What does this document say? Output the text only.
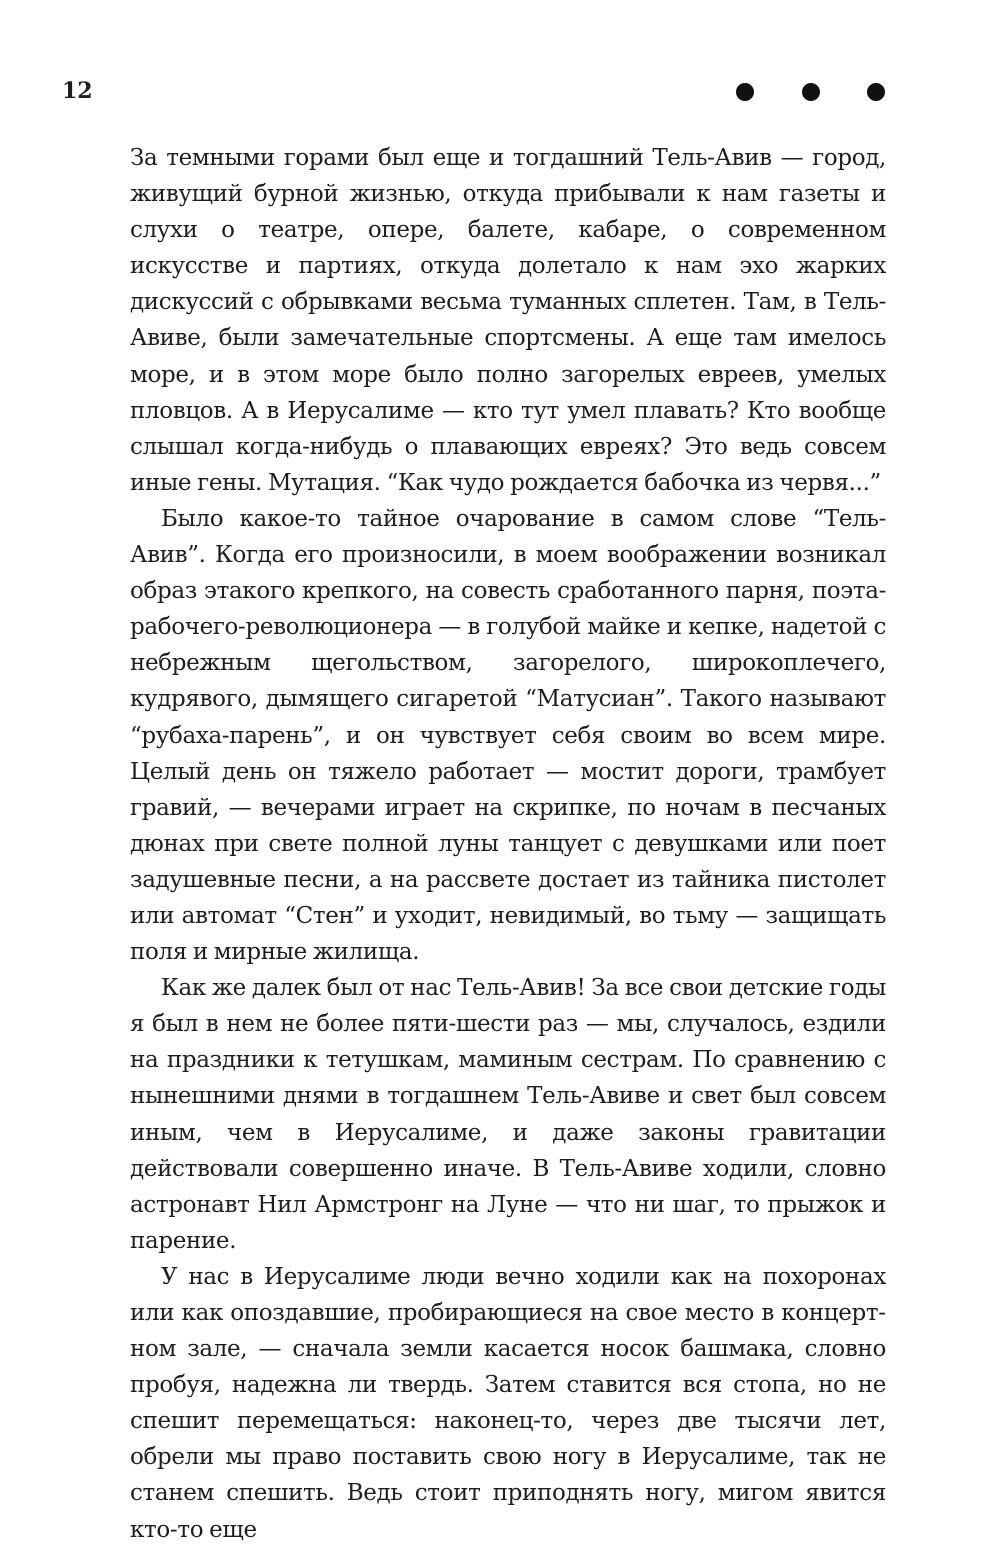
12

За темными горами был еще и тогдашний Тель-Авив — город, живущий бурной жизнью, откуда прибывали к нам газеты и слухи о театре, опере, балете, кабаре, о современном искусстве и партиях, откуда долетало к нам эхо жарких дискуссий с обрывками весьма туманных сплетен. Там, в Тель-Авиве, были замечательные спортсмены. А еще там имелось море, и в этом море было полно загорелых евреев, умелых пловцов. А в Иерусалиме — кто тут умел плавать? Кто вообще слышал когда-нибудь о плавающих евреях? Это ведь совсем иные гены. Мутация. “Как чудо рождается бабочка из червя...”

Было какое-то тайное очарование в самом слове “Тель-Авив”. Когда его произносили, в моем воображении возникал образ этакого крепкого, на совесть сработанного парня, поэта-рабочего-революционера — в голубой майке и кепке, надетой с небрежным щегольством, загорелого, широкоплечего, кудрявого, дымящего сигаретой “Матусиан”. Такого называют “рубаха-парень”, и он чувствует себя своим во всем мире. Целый день он тяжело работает — мостит дороги, трамбует гравий, — вечерами играет на скрипке, по ночам в песчаных дюнах при свете полной луны танцует с девушками или поет задушевные песни, а на рассвете достает из тайника пистолет или автомат “Стен” и уходит, невидимый, во тьму — защищать поля и мирные жилища.

Как же далек был от нас Тель-Авив! За все свои детские годы я был в нем не более пяти-шести раз — мы, случалось, ездили на праздники к тетушкам, маминым сестрам. По сравнению с нынешними днями в тогдашнем Тель-Авиве и свет был совсем иным, чем в Иерусалиме, и даже законы гравитации действовали совершенно иначе. В Тель-Авиве ходили, словно астронавт Нил Армстронг на Луне — что ни шаг, то прыжок и парение.

У нас в Иерусалиме люди вечно ходили как на похоронах или как опоздавшие, пробирающиеся на свое место в концертном зале, — сначала земли касается носок башмака, словно пробуя, надежна ли твердь. Затем ставится вся стопа, но не спешит перемещаться: наконец-то, через две тысячи лет, обрели мы право поставить свою ногу в Иерусалиме, так не станем спешить. Ведь стоит приподнять ногу, мигом явится кто-то еще
